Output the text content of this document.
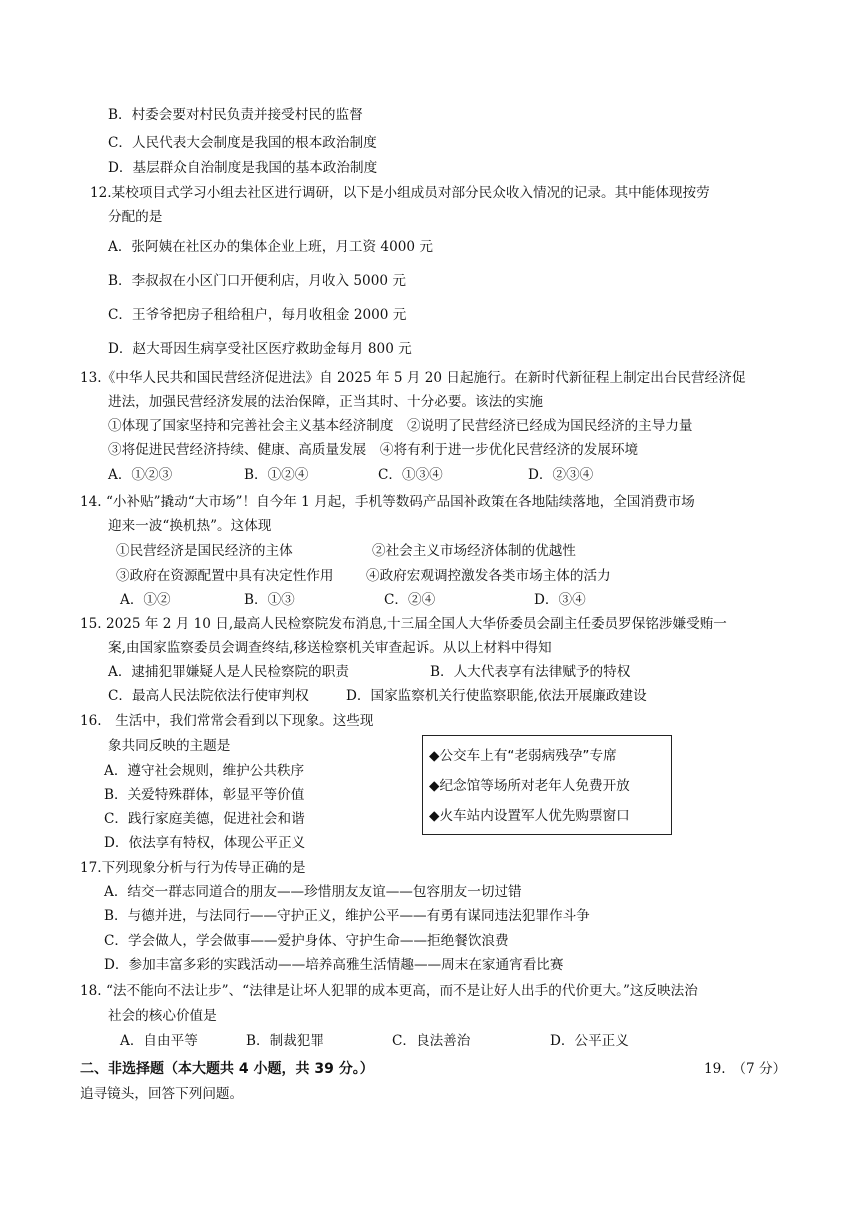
B．村委会要对村民负责并接受村民的监督
C．人民代表大会制度是我国的根本政治制度
D．基层群众自治制度是我国的基本政治制度
12.某校项目式学习小组去社区进行调研，以下是小组成员对部分民众收入情况的记录。其中能体现按劳
分配的是
A．张阿姨在社区办的集体企业上班，月工资 4000 元
B．李叔叔在小区门口开便利店，月收入 5000 元
C．王爷爷把房子租给租户，每月收租金 2000 元
D．赵大哥因生病享受社区医疗救助金每月 800 元
13.《中华人民共和国民营经济促进法》自 2025 年 5 月 20 日起施行。在新时代新征程上制定出台民营经济促
进法，加强民营经济发展的法治保障，正当其时、十分必要。该法的实施
①体现了国家坚持和完善社会主义基本经济制度　②说明了民营经济已经成为国民经济的主导力量
③将促进民营经济持续、健康、高质量发展　④将有利于进一步优化民营经济的发展环境
A．①②③	B．①②④	C．①③④	D．②③④
14. “小补贴”撬动“大市场”！自今年 1 月起，手机等数码产品国补政策在各地陆续落地，全国消费市场
迎来一波“换机热”。这体现
①民营经济是国民经济的主体	②社会主义市场经济体制的优越性
③政府在资源配置中具有决定性作用 ④政府宏观调控激发各类市场主体的活力
A．①②	B．①③	C．②④	D．③④
15. 2025 年 2 月 10 日,最高人民检察院发布消息,十三届全国人大华侨委员会副主任委员罗保铭涉嫌受贿一
案,由国家监察委员会调查终结,移送检察机关审查起诉。从以上材料中得知
A．逮捕犯罪嫌疑人是人民检察院的职责	B．人大代表享有法律赋予的特权
C．最高人民法院依法行使审判权	D．国家监察机关行使监察职能,依法开展廉政建设
16.　生活中，我们常常会看到以下现象。这些现
象共同反映的主题是
A．遵守社会规则，维护公共秩序
B．关爱特殊群体，彰显平等价值
C．践行家庭美德，促进社会和谐
D．依法享有特权，体现公平正义
◆公交车上有“老弱病残孕”专席
◆纪念馆等场所对老年人免费开放
◆火车站内设置军人优先购票窗口
17.下列现象分析与行为传导正确的是
A．结交一群志同道合的朋友——珍惜朋友友谊——包容朋友一切过错
B．与德并进，与法同行——守护正义，维护公平——有勇有谋同违法犯罪作斗争
C．学会做人，学会做事——爱护身体、守护生命——拒绝餐饮浪费
D．参加丰富多彩的实践活动——培养高雅生活情趣——周末在家通宵看比赛
18. “法不能向不法让步”、“法律是让坏人犯罪的成本更高，而不是让好人出手的代价更大。”这反映法治
社会的核心价值是
A．自由平等	B．制裁犯罪	C．良法善治	D．公平正义
二、非选择题（本大题共 4 小题，共 39 分。）	19.　（7 分）
追寻镜头，回答下列问题。
